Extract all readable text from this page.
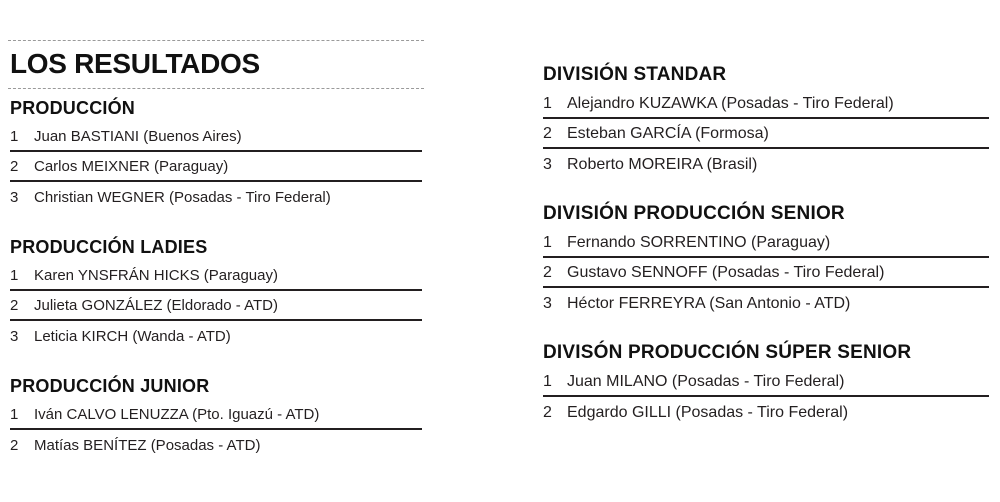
LOS RESULTADOS
PRODUCCIÓN
1	Juan BASTIANI (Buenos Aires)
2	Carlos MEIXNER (Paraguay)
3	Christian WEGNER (Posadas - Tiro Federal)
PRODUCCIÓN LADIES
1	Karen YNSFRÁN HICKS (Paraguay)
2	Julieta GONZÁLEZ (Eldorado - ATD)
3	Leticia KIRCH (Wanda - ATD)
PRODUCCIÓN JUNIOR
1	Iván CALVO LENUZZA (Pto. Iguazú - ATD)
2	Matías BENÍTEZ (Posadas - ATD)
DIVISIÓN STANDAR
1 Alejandro KUZAWKA (Posadas - Tiro Federal)
2 Esteban GARCÍA (Formosa)
3 Roberto MOREIRA (Brasil)
DIVISIÓN PRODUCCIÓN SENIOR
1 Fernando SORRENTINO (Paraguay)
2 Gustavo SENNOFF (Posadas - Tiro Federal)
3 Héctor FERREYRA (San Antonio - ATD)
DIVISÓN PRODUCCIÓN SÚPER SENIOR
1 Juan MILANO (Posadas - Tiro Federal)
2 Edgardo GILLI (Posadas - Tiro Federal)
